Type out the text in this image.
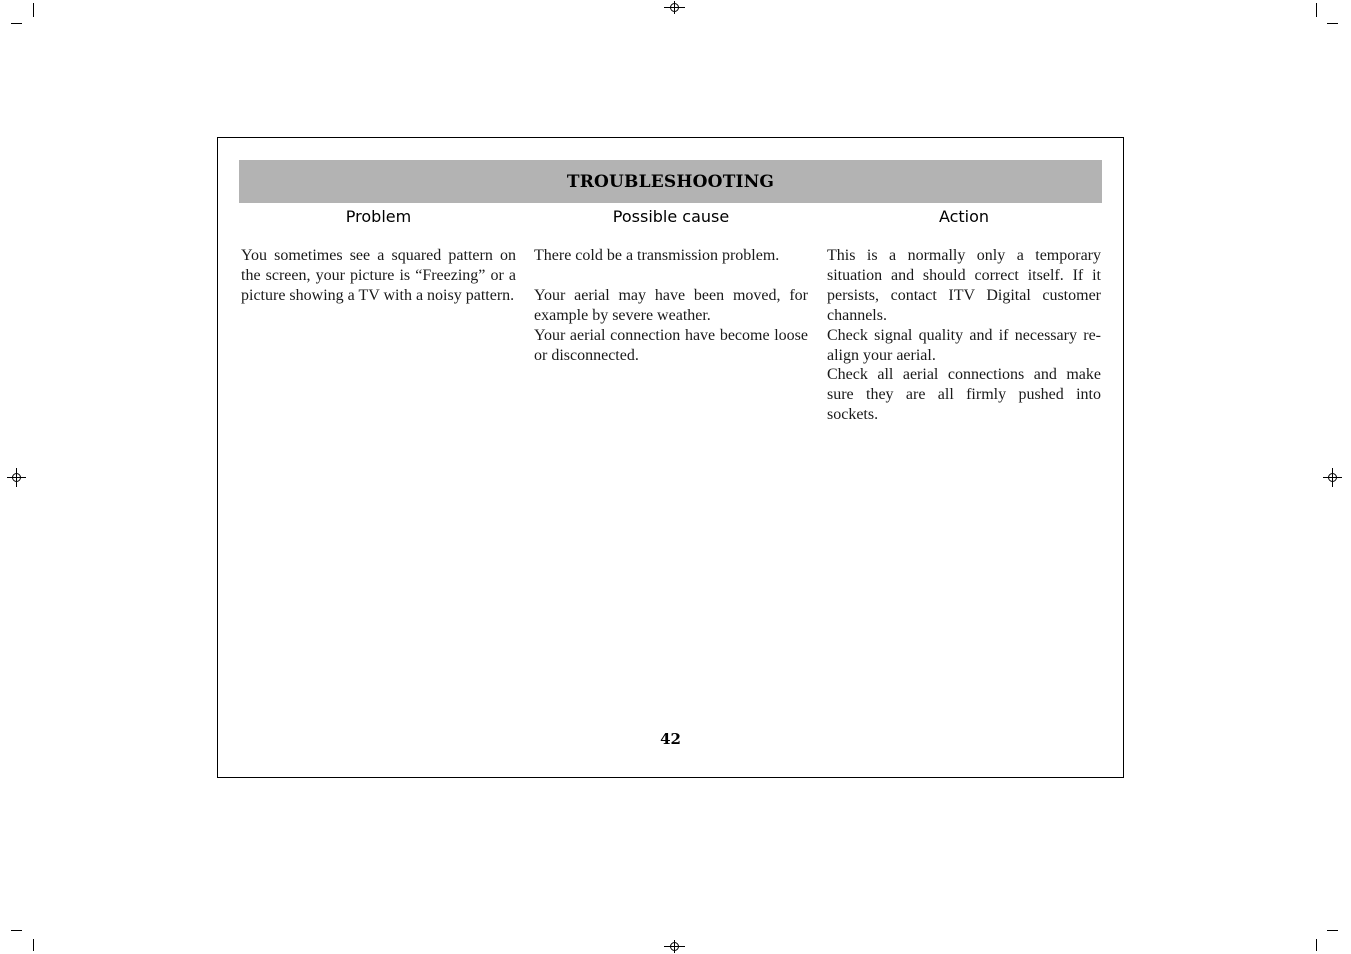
TROUBLESHOOTING
Problem

You sometimes see a squared pattern on the screen, your picture is “Freezing” or a picture showing a TV with a noisy pattern.

Possible cause

There cold be a transmission problem.

Your aerial may have been moved, for example by severe weather.

Your aerial connection have become loose or disconnected.

Action

This is a normally only a temporary situation and should correct itself. If it persists, contact ITV Digital customer channels.

Check signal quality and if necessary re-align your aerial.

Check all aerial connections and make sure they are all firmly pushed into sockets.

42
